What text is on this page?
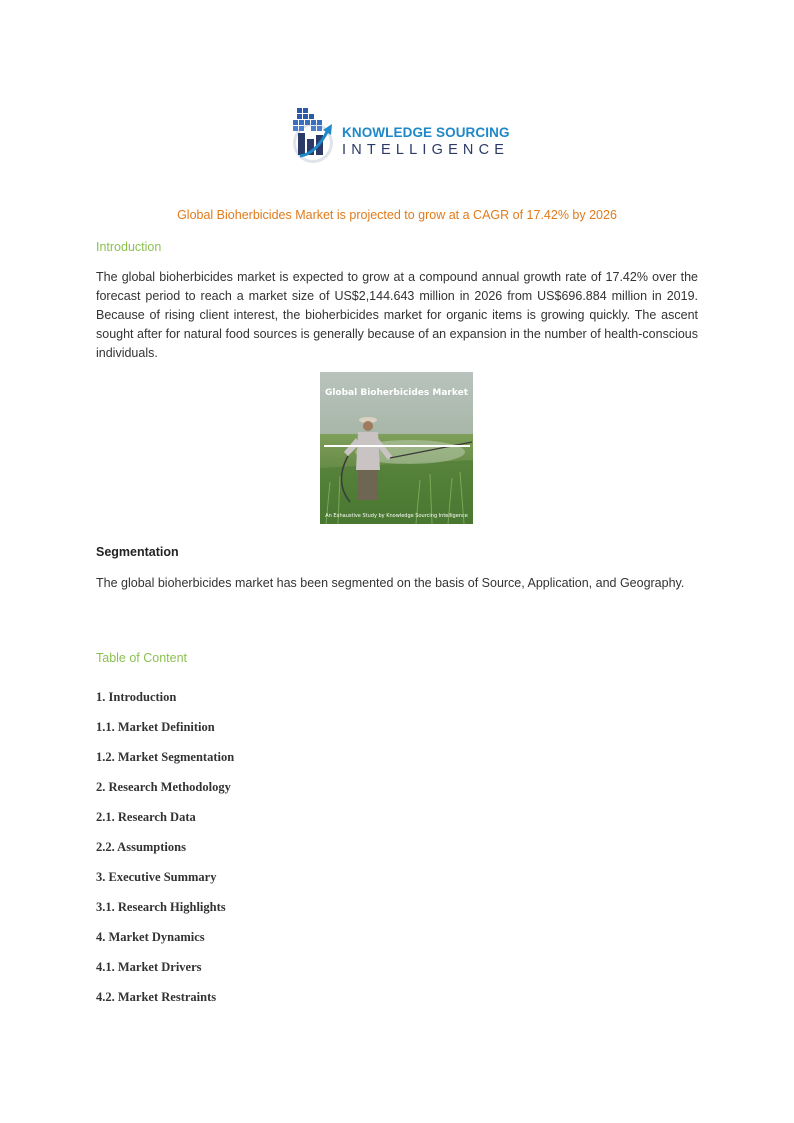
KNOWLEDGE SOURCING
INTELLIGENCE
Global Bioherbicides Market is projected to grow at a CAGR of 17.42% by 2026
Introduction
The global bioherbicides market is expected to grow at a compound annual growth rate of 17.42% over the forecast period to reach a market size of US$2,144.643 million in 2026 from US$696.884 million in 2019. Because of rising client interest, the bioherbicides market for organic items is growing quickly. The ascent sought after for natural food sources is generally because of an expansion in the number of health-conscious individuals.
Global Bioherbicides Market
An Exhaustive Study by Knowledge Sourcing Intelligence
Segmentation
The global bioherbicides market has been segmented on the basis of Source, Application, and Geography.
Table of Content
1. Introduction
1.1. Market Definition
1.2. Market Segmentation
2. Research Methodology
2.1. Research Data
2.2. Assumptions
3. Executive Summary
3.1. Research Highlights
4. Market Dynamics
4.1. Market Drivers
4.2. Market Restraints
